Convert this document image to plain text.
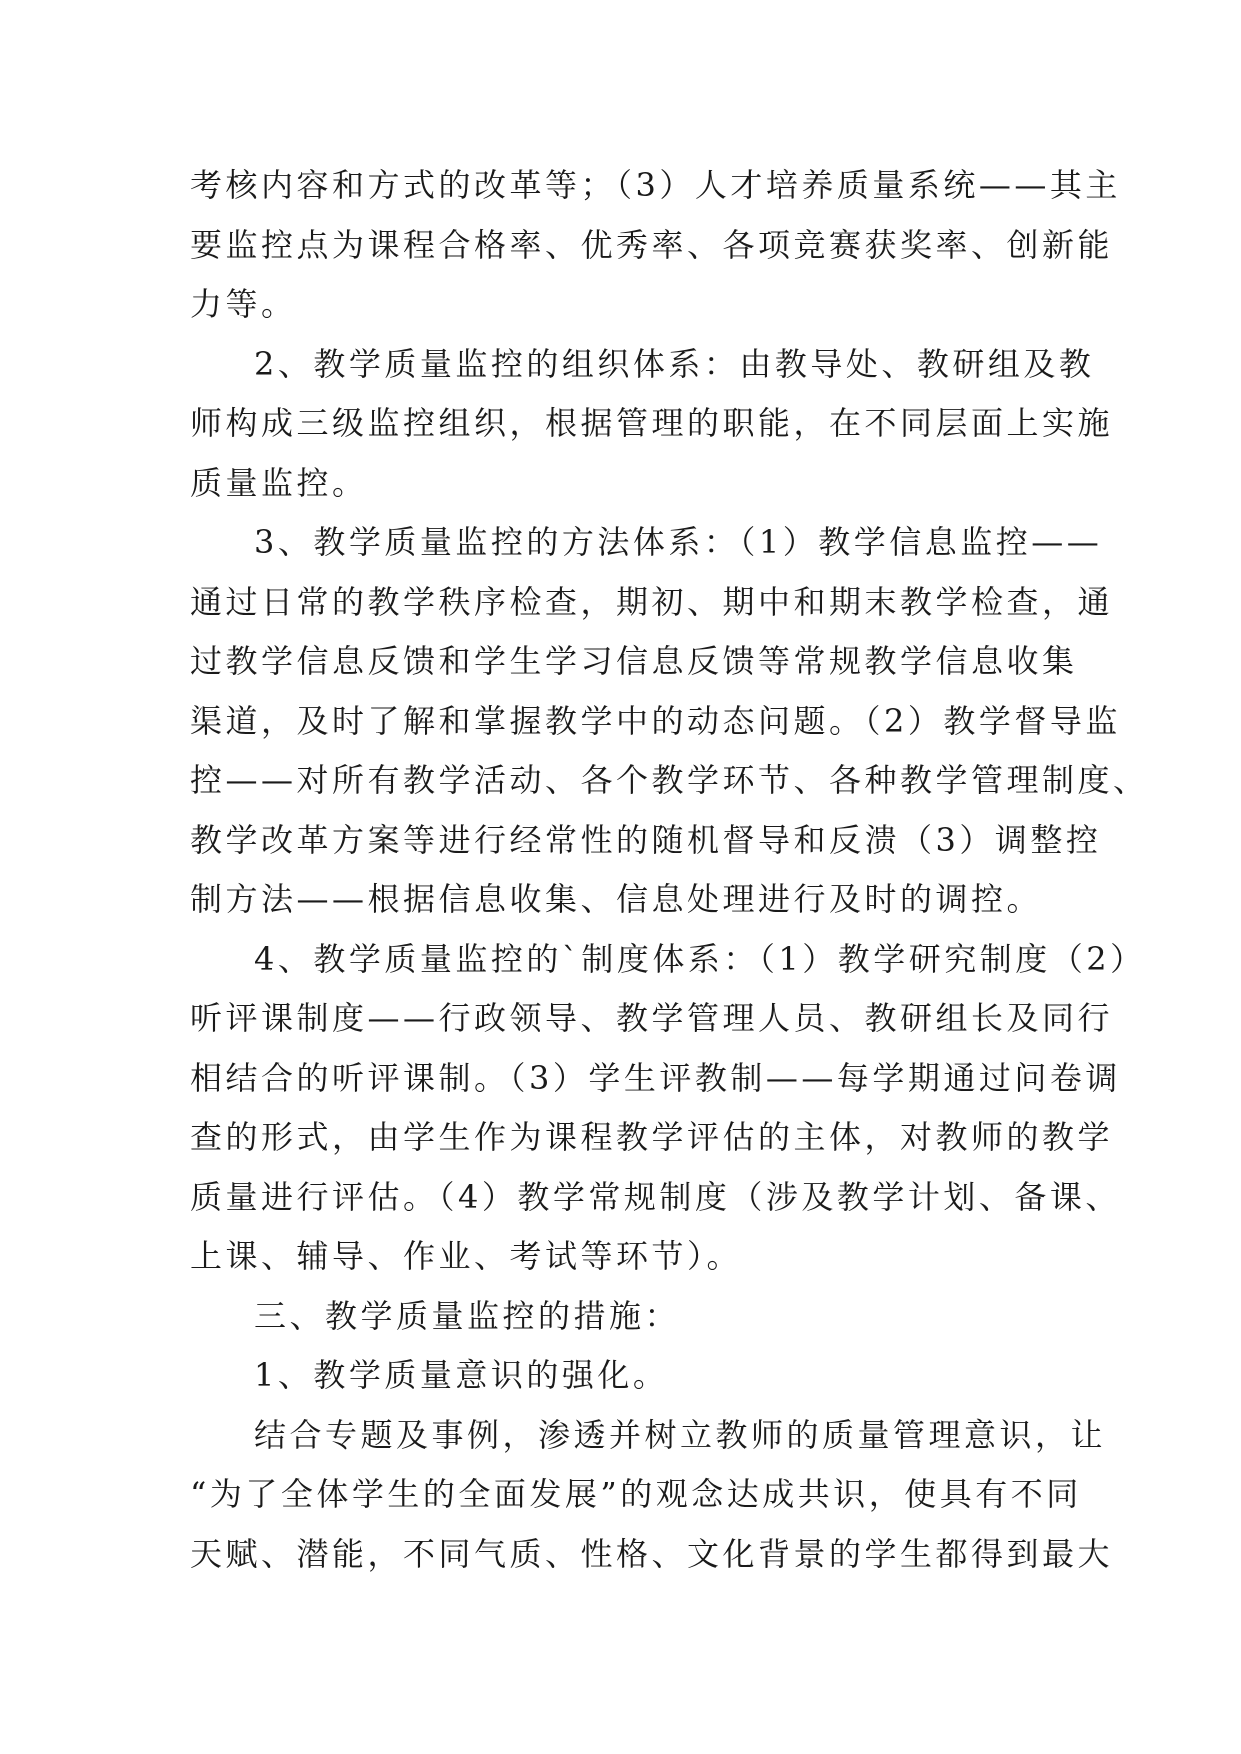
考核内容和方式的改革等；（3）人才培养质量系统——其主
要监控点为课程合格率、优秀率、各项竞赛获奖率、创新能
力等。
2、教学质量监控的组织体系：由教导处、教研组及教
师构成三级监控组织，根据管理的职能，在不同层面上实施
质量监控。
3、教学质量监控的方法体系：（1）教学信息监控——
通过日常的教学秩序检查，期初、期中和期末教学检查，通
过教学信息反馈和学生学习信息反馈等常规教学信息收集
渠道，及时了解和掌握教学中的动态问题。（2）教学督导监
控——对所有教学活动、各个教学环节、各种教学管理制度、
教学改革方案等进行经常性的随机督导和反溃（3）调整控
制方法——根据信息收集、信息处理进行及时的调控。
4、教学质量监控的`制度体系：（1）教学研究制度（2）
听评课制度——行政领导、教学管理人员、教研组长及同行
相结合的听评课制。（3）学生评教制——每学期通过问卷调
查的形式，由学生作为课程教学评估的主体，对教师的教学
质量进行评估。（4）教学常规制度（涉及教学计划、备课、
上课、辅导、作业、考试等环节）。
三、教学质量监控的措施：
1、教学质量意识的强化。
结合专题及事例，渗透并树立教师的质量管理意识，让
“为了全体学生的全面发展”的观念达成共识，使具有不同
天赋、潜能，不同气质、性格、文化背景的学生都得到最大
